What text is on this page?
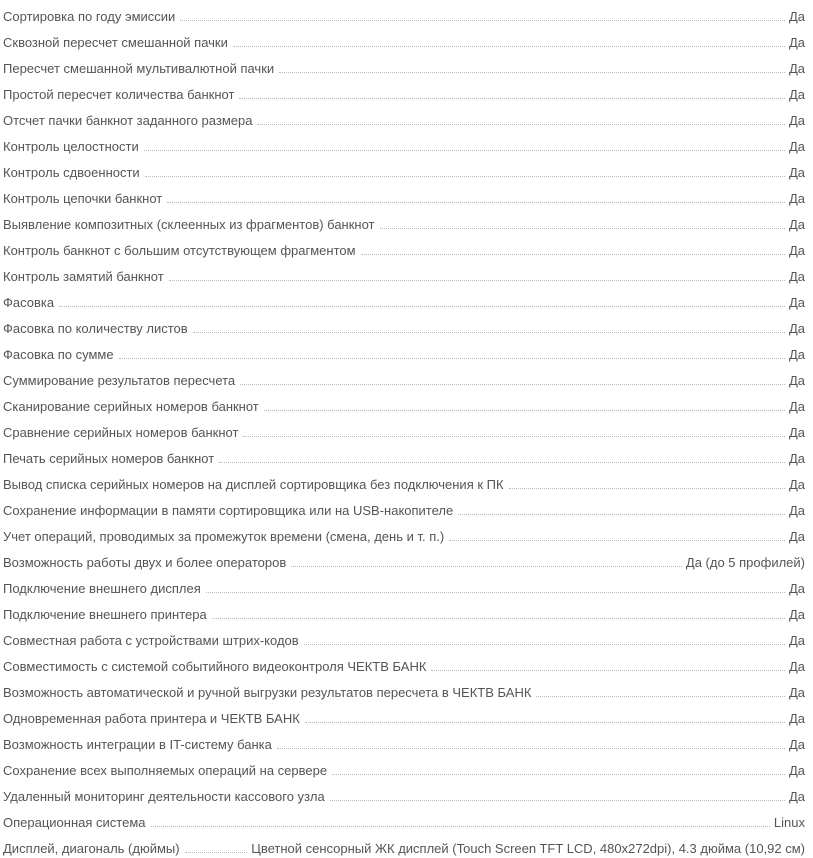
Сортировка по году эмиссии	Да
Сквозной пересчет смешанной пачки	Да
Пересчет смешанной мультивалютной пачки	Да
Простой пересчет количества банкнот	Да
Отсчет пачки банкнот заданного размера	Да
Контроль целостности	Да
Контроль сдвоенности	Да
Контроль цепочки банкнот	Да
Выявление композитных (склеенных из фрагментов) банкнот	Да
Контроль банкнот с большим отсутствующем фрагментом	Да
Контроль замятий банкнот	Да
Фасовка	Да
Фасовка по количеству листов	Да
Фасовка по сумме	Да
Суммирование результатов пересчета	Да
Сканирование серийных номеров банкнот	Да
Сравнение серийных номеров банкнот	Да
Печать серийных номеров банкнот	Да
Вывод списка серийных номеров на дисплей сортировщика без подключения к ПК	Да
Сохранение информации в памяти сортировщика или на USB-накопителе	Да
Учет операций, проводимых за промежуток времени (смена, день и т. п.)	Да
Возможность работы двух и более операторов	Да (до 5 профилей)
Подключение внешнего дисплея	Да
Подключение внешнего принтера	Да
Совместная работа с устройствами штрих-кодов	Да
Совместимость с системой событийного видеоконтроля ЧЕКТВ БАНК	Да
Возможность автоматической и ручной выгрузки результатов пересчета в ЧЕКТВ БАНК	Да
Одновременная работа принтера и ЧЕКТВ БАНК	Да
Возможность интеграции в IT-систему банка	Да
Сохранение всех выполняемых операций на сервере	Да
Удаленный мониторинг деятельности кассового узла	Да
Операционная система	Linux
Дисплей, диагональ (дюймы)	Цветной сенсорный ЖК дисплей (Touch Screen TFT LCD, 480x272dpi), 4.3 дюйма (10,92 см)
